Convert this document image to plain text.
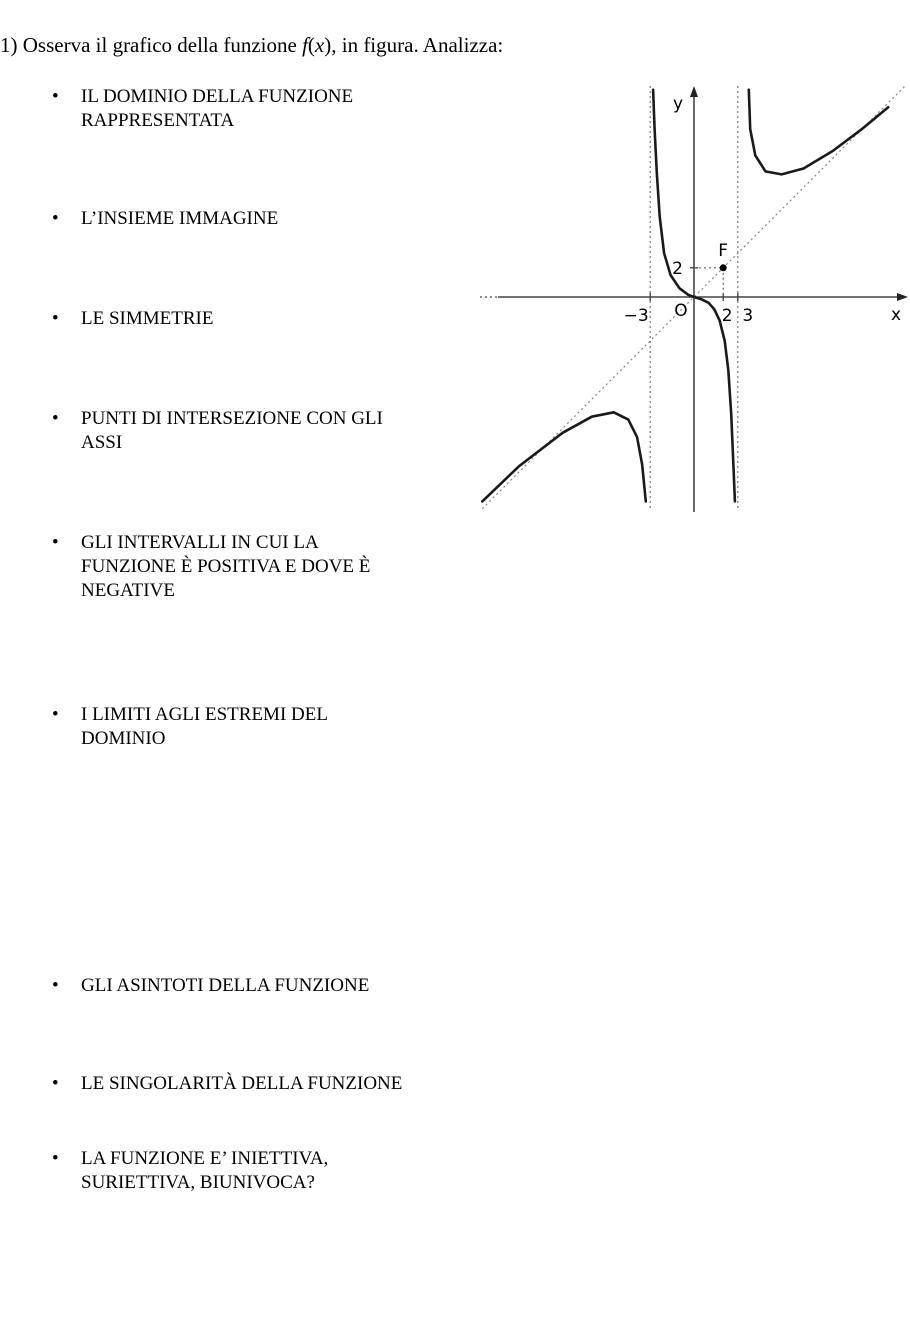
1) Osserva il grafico della funzione f(x), in figura. Analizza:
• IL DOMINIO DELLA FUNZIONE
RAPPRESENTATA
• L’INSIEME IMMAGINE
• LE SIMMETRIE
• PUNTI DI INTERSEZIONE CON GLI
ASSI
• GLI INTERVALLI IN CUI LA
FUNZIONE È POSITIVA E DOVE È
NEGATIVE
• I LIMITI AGLI ESTREMI DEL
DOMINIO
• GLI ASINTOTI DELLA FUNZIONE
• LE SINGOLARITÀ DELLA FUNZIONE
• LA FUNZIONE E’ INIETTIVA,
SURIETTIVA, BIUNIVOCA?
F
−3	2 3
2
O	x
y
